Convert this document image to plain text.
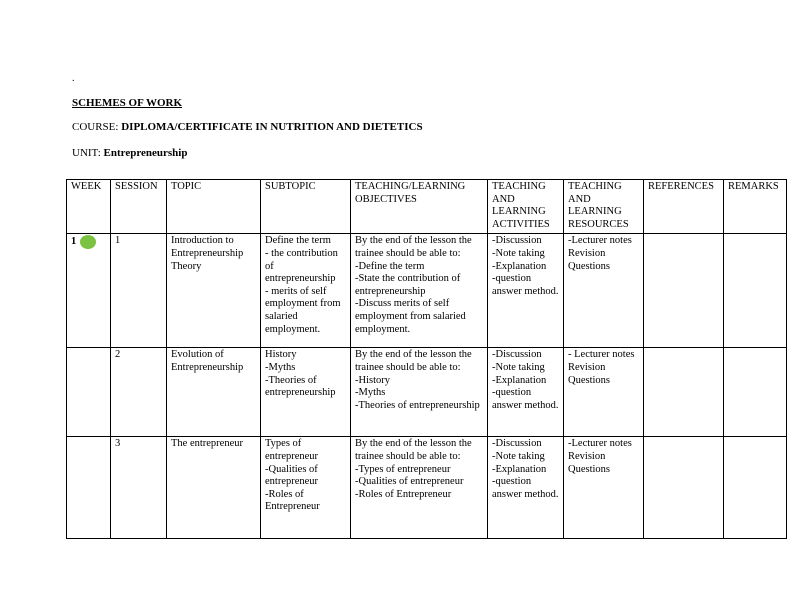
.
SCHEMES OF WORK
COURSE: DIPLOMA/CERTIFICATE IN NUTRITION AND DIETETICS
UNIT: Entrepreneurship
WEEK	SESSION	TOPIC	SUBTOPIC	TEACHING/LEARNING OBJECTIVES	TEACHING AND LEARNING ACTIVITIES	TEACHING AND LEARNING RESOURCES	REFERENCES	REMARKS

1	1	Introduction to Entrepreneurship Theory	Define the term
- the contribution of entrepreneurship
- merits of self employment from salaried employment.	By the end of the lesson the trainee should be able to:
-Define the term
-State the contribution of entrepreneurship
-Discuss merits of self employment from salaried employment.	-Discussion
-Note taking
-Explanation
-question answer method.	-Lecturer notes
Revision Questions		

	2	Evolution of Entrepreneurship	History
-Myths
-Theories of entrepreneurship	By the end of the lesson the trainee should be able to:
-History
-Myths
-Theories of entrepreneurship	-Discussion
-Note taking
-Explanation
-question answer method.	- Lecturer notes
Revision Questions		

	3	The entrepreneur	Types of entrepreneur
-Qualities of entrepreneur
-Roles of Entrepreneur	By the end of the lesson the trainee should be able to:
-Types of entrepreneur
-Qualities of entrepreneur
-Roles of Entrepreneur	-Discussion
-Note taking
-Explanation
-question answer method.	-Lecturer notes
Revision Questions		
